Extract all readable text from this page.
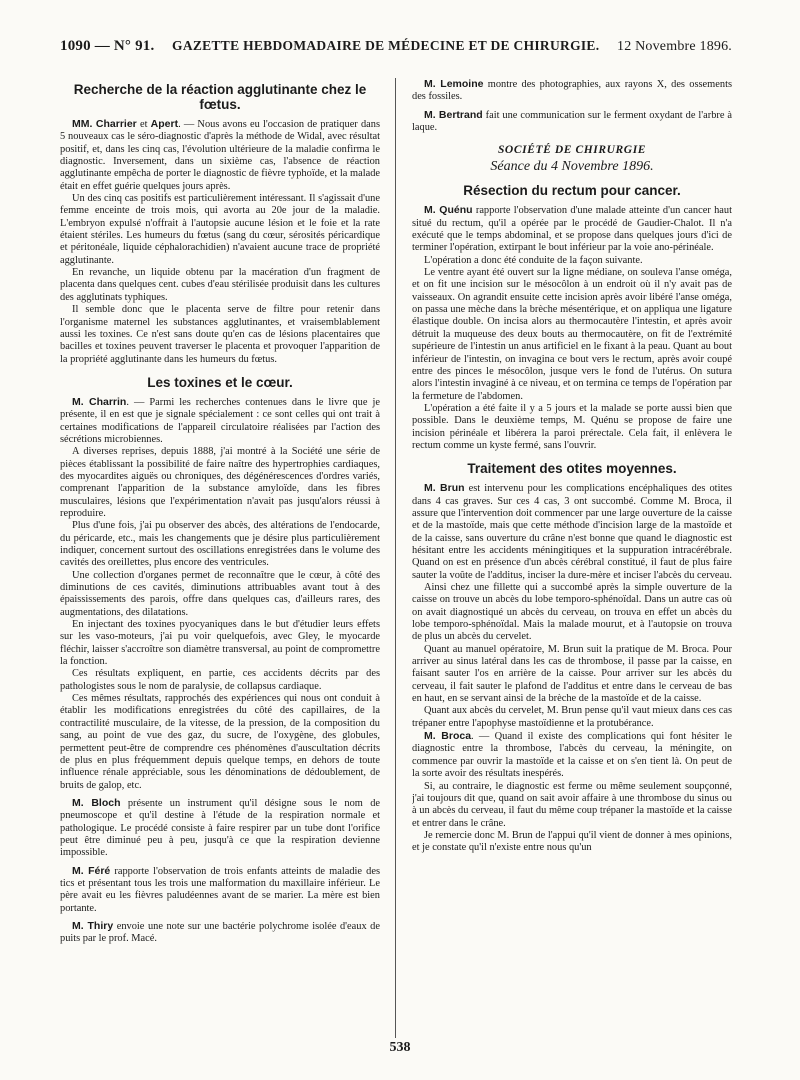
1090 — N° 91. GAZETTE HEBDOMADAIRE DE MÉDECINE ET DE CHIRURGIE. 12 Novembre 1896.
Recherche de la réaction agglutinante chez le fœtus.

MM. Charrier et Apert. — Nous avons eu l'occasion de pratiquer dans 5 nouveaux cas le séro-diagnostic d'après la méthode de Widal, avec résultat positif, et, dans les cinq cas, l'évolution ultérieure de la maladie confirma le diagnostic. Inversement, dans un sixième cas, l'absence de réaction agglutinante empêcha de porter le diagnostic de fièvre typhoïde, et la malade était en effet guérie quelques jours après.

Un des cinq cas positifs est particulièrement intéressant. Il s'agissait d'une femme enceinte de trois mois, qui avorta au 20e jour de la maladie. L'embryon expulsé n'offrait à l'autopsie aucune lésion et le foie et la rate étaient stériles. Les humeurs du fœtus (sang du cœur, sérosités péricardique et péritonéale, liquide céphalorachidien) n'avaient aucune trace de propriété agglutinante.

En revanche, un liquide obtenu par la macération d'un fragment de placenta dans quelques cent. cubes d'eau stérilisée produisit dans les cultures des agglutinats typhiques.

Il semble donc que le placenta serve de filtre pour retenir dans l'organisme maternel les substances agglutinantes, et vraisemblablement aussi les toxines. Ce n'est sans doute qu'en cas de lésions placentaires que bacilles et toxines peuvent traverser le placenta et provoquer l'apparition de la propriété agglutinante dans les humeurs du fœtus.

Les toxines et le cœur.

M. Charrin. — Parmi les recherches contenues dans le livre que je présente, il en est que je signale spécialement : ce sont celles qui ont trait à certaines modifications de l'appareil circulatoire réalisées par l'action des sécrétions microbiennes.

A diverses reprises, depuis 1888, j'ai montré à la Société une série de pièces établissant la possibilité de faire naître des hypertrophies cardiaques, des myocardites aiguës ou chroniques, des dégénérescences d'ordres variés, comprenant l'apparition de la substance amyloïde, dans les fibres musculaires, lésions que l'expérimentation n'avait pas jusqu'alors réussi à reproduire.

Plus d'une fois, j'ai pu observer des abcès, des altérations de l'endocarde, du péricarde, etc., mais les changements que je désire plus particulièrement indiquer, concernent surtout des oscillations enregistrées dans le volume des cavités des oreillettes, plus encore des ventricules.

Une collection d'organes permet de reconnaître que le cœur, à côté des diminutions de ces cavités, diminutions attribuables avant tout à des épaississements des parois, offre dans quelques cas, d'ailleurs rares, des augmentations, des dilatations.

En injectant des toxines pyocyaniques dans le but d'étudier leurs effets sur les vaso-moteurs, j'ai pu voir quelquefois, avec Gley, le myocarde fléchir, laisser s'accroître son diamètre transversal, au point de compromettre la fonction.

Ces résultats expliquent, en partie, ces accidents décrits par des pathologistes sous le nom de paralysie, de collapsus cardiaque.

Ces mêmes résultats, rapprochés des expériences qui nous ont conduit à établir les modifications enregistrées du côté des capillaires, de la contractilité musculaire, de la vitesse, de la pression, de la composition du sang, au point de vue des gaz, du sucre, de l'oxygène, des globules, permettent peut-être de comprendre ces phénomènes d'auscultation décrits de plus en plus fréquemment depuis quelque temps, en dehors de toute influence rénale appréciable, sous les dénominations de dédoublement, de bruits de galop, etc.

M. Bloch présente un instrument qu'il désigne sous le nom de pneumoscope et qu'il destine à l'étude de la respiration normale et pathologique. Le procédé consiste à faire respirer par un tube dont l'orifice peut être diminué peu à peu, jusqu'à ce que la respiration devienne impossible.

M. Féré rapporte l'observation de trois enfants atteints de maladie des tics et présentant tous les trois une malformation du maxillaire inférieur. Le père avait eu les fièvres paludéennes avant de se marier. La mère est bien portante.

M. Thiry envoie une note sur une bactérie polychrome isolée d'eaux de puits par le prof. Macé.

M. Lemoine montre des photographies, aux rayons X, des ossements des fossiles.

M. Bertrand fait une communication sur le ferment oxydant de l'arbre à laque.

SOCIÉTÉ DE CHIRURGIE
Séance du 4 Novembre 1896.
Résection du rectum pour cancer.

M. Quénu rapporte l'observation d'une malade atteinte d'un cancer haut situé du rectum, qu'il a opérée par le procédé de Gaudier-Chalot. Il n'a exécuté que le temps abdominal, et se propose dans quelques jours d'ici de terminer l'opération, extirpant le bout inférieur par la voie ano-périnéale.

L'opération a donc été conduite de la façon suivante.

Le ventre ayant été ouvert sur la ligne médiane, on souleva l'anse oméga, et on fit une incision sur le mésocôlon à un endroit où il n'y avait pas de vaisseaux. On agrandit ensuite cette incision après avoir libéré l'anse oméga, on passa une mèche dans la brèche mésentérique, et on appliqua une ligature élastique double. On incisa alors au thermocautère l'intestin, et après avoir détruit la muqueuse des deux bouts au thermocautère, on fit de l'extrémité supérieure de l'intestin un anus artificiel en le fixant à la peau. Quant au bout inférieur de l'intestin, on invagina ce bout vers le rectum, après avoir coupé entre des pinces le mésocôlon, jusque vers le fond de l'utérus. On sutura alors l'intestin invaginé à ce niveau, et on termina ce temps de l'opération par la fermeture de l'abdomen.

L'opération a été faite il y a 5 jours et la malade se porte aussi bien que possible. Dans le deuxième temps, M. Quénu se propose de faire une incision périnéale et libérera la paroi prérectale. Cela fait, il enlèvera le rectum comme un kyste fermé, sans l'ouvrir.

Traitement des otites moyennes.

M. Brun est intervenu pour les complications encéphaliques des otites dans 4 cas graves. Sur ces 4 cas, 3 ont succombé. Comme M. Broca, il assure que l'intervention doit commencer par une large ouverture de la caisse et de la mastoïde, mais que cette méthode d'incision large de la mastoïde et de la caisse, sans ouverture du crâne n'est bonne que quand le diagnostic est hésitant entre les accidents méningitiques et la suppuration intracérébrale. Quand on est en présence d'un abcès cérébral constitué, il faut de plus faire sauter la voûte de l'additus, inciser la dure-mère et inciser l'abcès du cerveau.

Ainsi chez une fillette qui a succombé après la simple ouverture de la caisse on trouve un abcès du lobe temporo-sphénoïdal. Dans un autre cas où on avait diagnostiqué un abcès du cerveau, on trouva en effet un abcès du lobe temporo-sphénoïdal. Mais la malade mourut, et à l'autopsie on trouva de plus un abcès du cervelet.

Quant au manuel opératoire, M. Brun suit la pratique de M. Broca. Pour arriver au sinus latéral dans les cas de thrombose, il passe par la caisse, en faisant sauter l'os en arrière de la caisse. Pour arriver sur les abcès du cerveau, il fait sauter le plafond de l'additus et entre dans le cerveau de bas en haut, en se servant ainsi de la brèche de la mastoïde et de la caisse.

Quant aux abcès du cervelet, M. Brun pense qu'il vaut mieux dans ces cas trépaner entre l'apophyse mastoïdienne et la protubérance.

M. Broca. — Quand il existe des complications qui font hésiter le diagnostic entre la thrombose, l'abcès du cerveau, la méningite, on commence par ouvrir la mastoïde et la caisse et on s'en tient là. On peut de la sorte avoir des résultats inespérés.

Si, au contraire, le diagnostic est ferme ou même seulement soupçonné, j'ai toujours dit que, quand on sait avoir affaire à une thrombose du sinus ou à un abcès du cerveau, il faut du même coup trépaner la mastoïde et la caisse et entrer dans le crâne.

Je remercie donc M. Brun de l'appui qu'il vient de donner à mes opinions, et je constate qu'il n'existe entre nous qu'un

538
